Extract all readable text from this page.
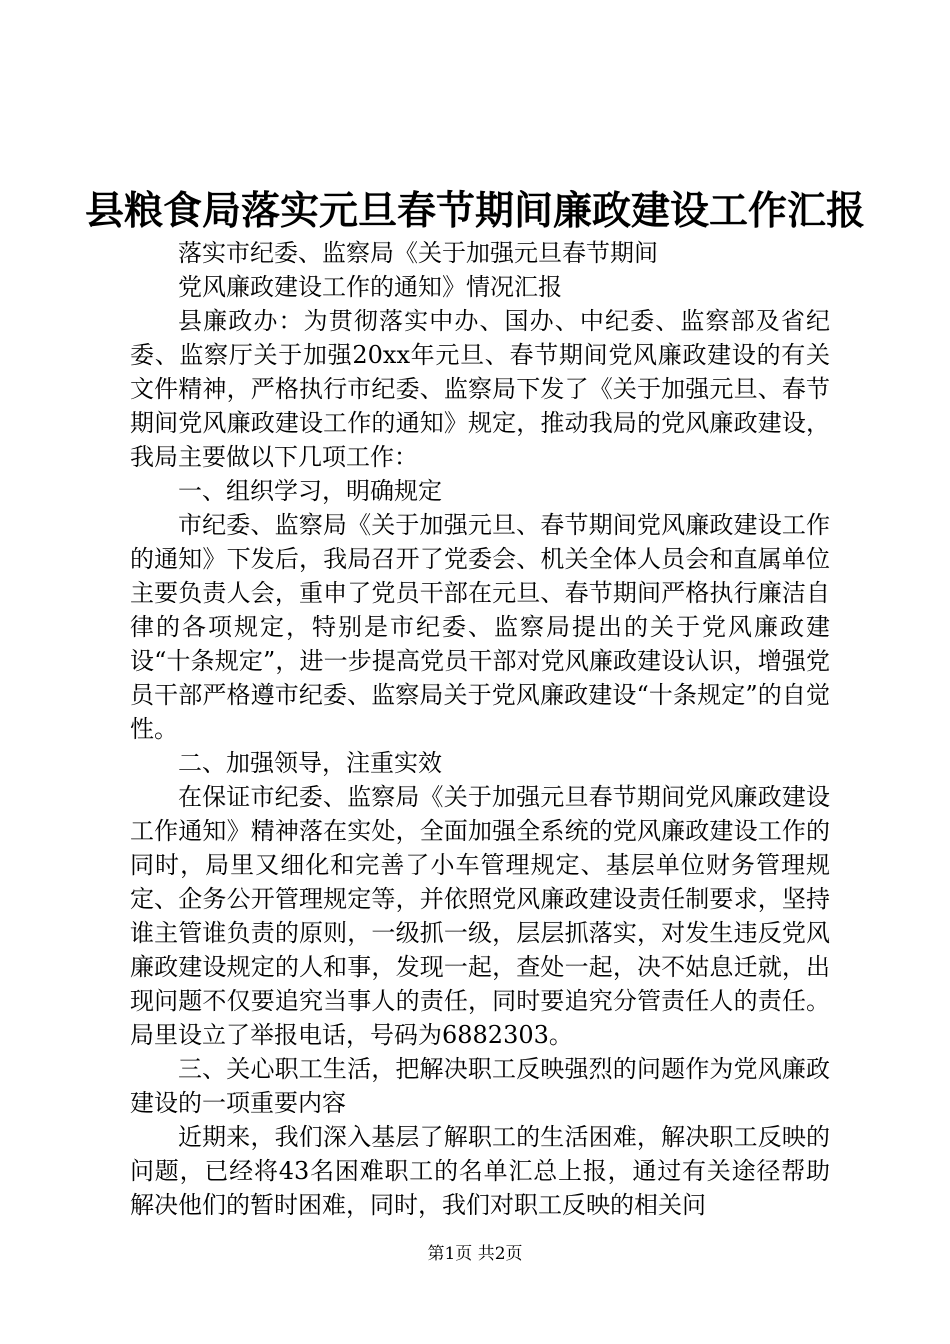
县粮食局落实元旦春节期间廉政建设工作汇报

落实市纪委、监察局《关于加强元旦春节期间

党风廉政建设工作的通知》情况汇报

县廉政办：为贯彻落实中办、国办、中纪委、监察部及省纪委、监察厅关于加强20xx年元旦、春节期间党风廉政建设的有关文件精神，严格执行市纪委、监察局下发了《关于加强元旦、春节期间党风廉政建设工作的通知》规定，推动我局的党风廉政建设，我局主要做以下几项工作：

一、组织学习，明确规定

市纪委、监察局《关于加强元旦、春节期间党风廉政建设工作的通知》下发后，我局召开了党委会、机关全体人员会和直属单位主要负责人会，重申了党员干部在元旦、春节期间严格执行廉洁自律的各项规定，特别是市纪委、监察局提出的关于党风廉政建设“十条规定”，进一步提高党员干部对党风廉政建设认识，增强党员干部严格遵市纪委、监察局关于党风廉政建设“十条规定”的自觉性。

二、加强领导，注重实效

在保证市纪委、监察局《关于加强元旦春节期间党风廉政建设工作通知》精神落在实处，全面加强全系统的党风廉政建设工作的同时，局里又细化和完善了小车管理规定、基层单位财务管理规定、企务公开管理规定等，并依照党风廉政建设责任制要求，坚持谁主管谁负责的原则，一级抓一级，层层抓落实，对发生违反党风廉政建设规定的人和事，发现一起，查处一起，决不姑息迁就，出现问题不仅要追究当事人的责任，同时要追究分管责任人的责任。局里设立了举报电话，号码为6882303。

三、关心职工生活，把解决职工反映强烈的问题作为党风廉政建设的一项重要内容

近期来，我们深入基层了解职工的生活困难，解决职工反映的问题，已经将43名困难职工的名单汇总上报，通过有关途径帮助解决他们的暂时困难，同时，我们对职工反映的相关问

第1页 共2页
